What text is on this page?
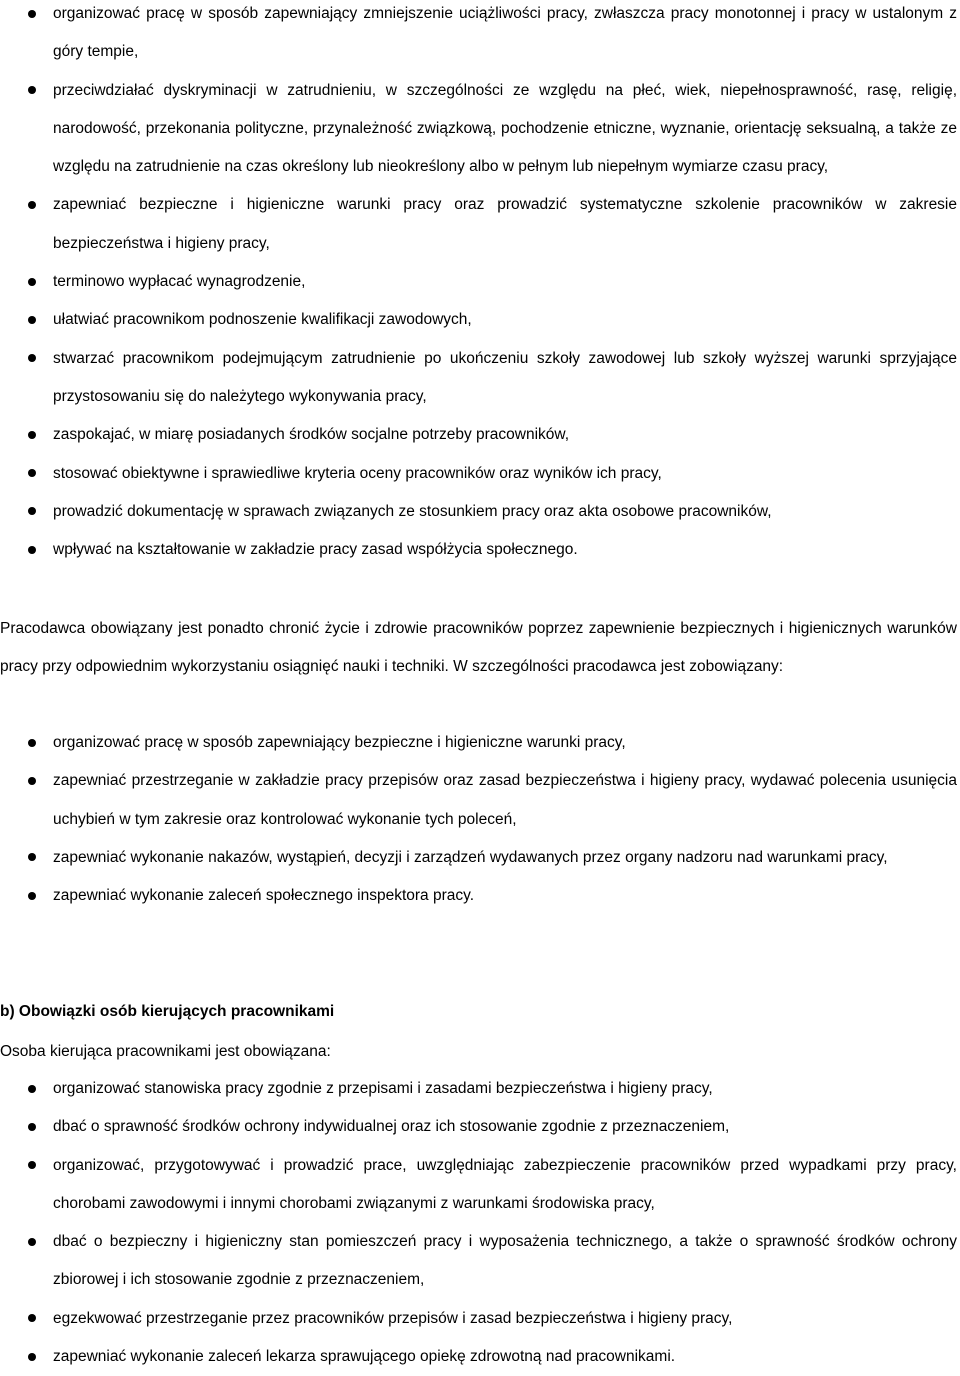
organizować pracę w sposób zapewniający zmniejszenie uciążliwości pracy, zwłaszcza pracy monotonnej i pracy w ustalonym z góry tempie,
przeciwdziałać dyskryminacji w zatrudnieniu, w szczególności ze względu na płeć, wiek, niepełnosprawność, rasę, religię, narodowość, przekonania polityczne, przynależność związkową, pochodzenie etniczne, wyznanie, orientację seksualną, a także ze względu na zatrudnienie na czas określony lub nieokreślony albo w pełnym lub niepełnym wymiarze czasu pracy,
zapewniać bezpieczne i higieniczne warunki pracy oraz prowadzić systematyczne szkolenie pracowników w zakresie bezpieczeństwa i higieny pracy,
terminowo wypłacać wynagrodzenie,
ułatwiać pracownikom podnoszenie kwalifikacji zawodowych,
stwarzać pracownikom podejmującym zatrudnienie po ukończeniu szkoły zawodowej lub szkoły wyższej warunki sprzyjające przystosowaniu się do należytego wykonywania pracy,
zaspokajać, w miarę posiadanych środków socjalne potrzeby pracowników,
stosować obiektywne i sprawiedliwe kryteria oceny pracowników oraz wyników ich pracy,
prowadzić dokumentację w sprawach związanych ze stosunkiem pracy oraz akta osobowe pracowników,
wpływać na kształtowanie w zakładzie pracy zasad współżycia społecznego.

Pracodawca obowiązany jest ponadto chronić życie i zdrowie pracowników poprzez zapewnienie bezpiecznych i higienicznych warunków pracy przy odpowiednim wykorzystaniu osiągnięć nauki i techniki. W szczególności pracodawca jest zobowiązany:

organizować pracę w sposób zapewniający bezpieczne i higieniczne warunki pracy,
zapewniać przestrzeganie w zakładzie pracy przepisów oraz zasad bezpieczeństwa i higieny pracy, wydawać polecenia usunięcia uchybień w tym zakresie oraz kontrolować wykonanie tych poleceń,
zapewniać wykonanie nakazów, wystąpień, decyzji i zarządzeń wydawanych przez organy nadzoru nad warunkami pracy,
zapewniać wykonanie zaleceń społecznego inspektora pracy.
b) Obowiązki osób kierujących pracownikami
Osoba kierująca pracownikami jest obowiązana:
organizować stanowiska pracy zgodnie z przepisami i zasadami bezpieczeństwa i higieny pracy,
dbać o sprawność środków ochrony indywidualnej oraz ich stosowanie zgodnie z przeznaczeniem,
organizować, przygotowywać i prowadzić prace, uwzględniając zabezpieczenie pracowników przed wypadkami przy pracy, chorobami zawodowymi i innymi chorobami związanymi z warunkami środowiska pracy,
dbać o bezpieczny i higieniczny stan pomieszczeń pracy i wyposażenia technicznego, a także o sprawność środków ochrony zbiorowej i ich stosowanie zgodnie z przeznaczeniem,
egzekwować przestrzeganie przez pracowników przepisów i zasad bezpieczeństwa i higieny pracy,
zapewniać wykonanie zaleceń lekarza sprawującego opiekę zdrowotną nad pracownikami.
